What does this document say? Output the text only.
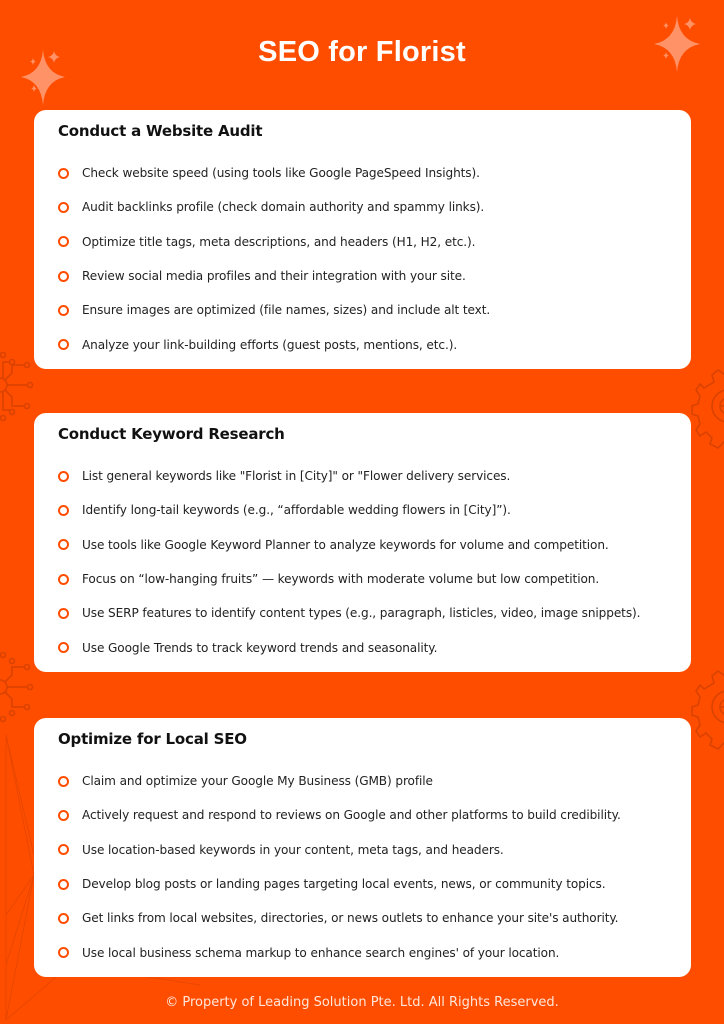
SEO for Florist
Conduct a Website Audit
Check website speed (using tools like Google PageSpeed Insights).
Audit backlinks profile (check domain authority and spammy links).
Optimize title tags, meta descriptions, and headers (H1, H2, etc.).
Review social media profiles and their integration with your site.
Ensure images are optimized (file names, sizes) and include alt text.
Analyze your link-building efforts (guest posts, mentions, etc.).
Conduct Keyword Research
List general keywords like "Florist in [City]" or "Flower delivery services.
Identify long-tail keywords (e.g., “affordable wedding flowers in [City]”).
Use tools like Google Keyword Planner to analyze keywords for volume and competition.
Focus on “low-hanging fruits” — keywords with moderate volume but low competition.
Use SERP features to identify content types (e.g., paragraph, listicles, video, image snippets).
Use Google Trends to track keyword trends and seasonality.
Optimize for Local SEO
Claim and optimize your Google My Business (GMB) profile
Actively request and respond to reviews on Google and other platforms to build credibility.
Use location-based keywords in your content, meta tags, and headers.
Develop blog posts or landing pages targeting local events, news, or community topics.
Get links from local websites, directories, or news outlets to enhance your site's authority.
Use local business schema markup to enhance search engines' of your location.

© Property of Leading Solution Pte. Ltd. All Rights Reserved.
